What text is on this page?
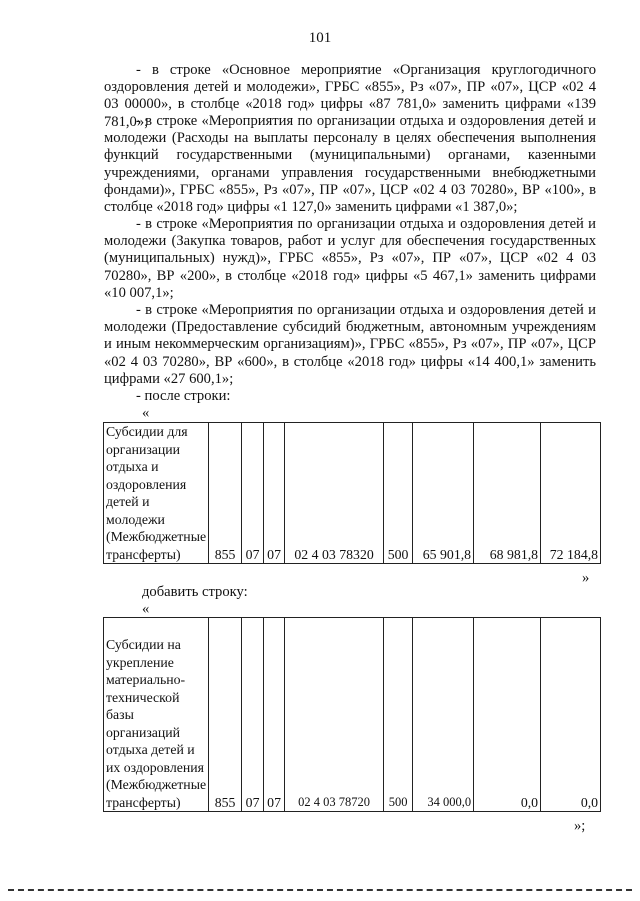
101

- в строке «Основное мероприятие «Организация круглогодичного оздоровления детей и молодежи», ГРБС «855», Рз «07», ПР «07», ЦСР «02 4 03 00000», в столбце «2018 год» цифры «87 781,0» заменить цифрами «139 781,0»;

- в строке «Мероприятия по организации отдыха и оздоровления детей и молодежи (Расходы на выплаты персоналу в целях обеспечения выполнения функций государственными (муниципальными) органами, казенными учреждениями, органами управления государственными внебюджетными фондами)», ГРБС «855», Рз «07», ПР «07», ЦСР «02 4 03 70280», ВР «100», в столбце «2018 год» цифры «1 127,0» заменить цифрами «1 387,0»;

- в строке «Мероприятия по организации отдыха и оздоровления детей и молодежи (Закупка товаров, работ и услуг для обеспечения государственных (муниципальных) нужд)», ГРБС «855», Рз «07», ПР «07», ЦСР «02 4 03 70280», ВР «200», в столбце «2018 год» цифры «5 467,1» заменить цифрами «10 007,1»;

- в строке «Мероприятия по организации отдыха и оздоровления детей и молодежи (Предоставление субсидий бюджетным, автономным учреждениям и иным некоммерческим организациям)», ГРБС «855», Рз «07», ПР «07», ЦСР «02 4 03 70280», ВР «600», в столбце «2018 год» цифры «14 400,1» заменить цифрами «27 600,1»;

- после строки:
«
Субсидии для организации отдыха и оздоровления детей и молодежи (Межбюджетные трансферты)	855	07	07	02 4 03 78320	500	65 901,8	68 981,8	72 184,8
»
добавить строку:
«
Субсидии на укрепление материально-технической базы организаций отдыха детей и их оздоровления (Межбюджетные трансферты)	855	07	07	02 4 03 78720	500	34 000,0	0,0	0,0
»;
